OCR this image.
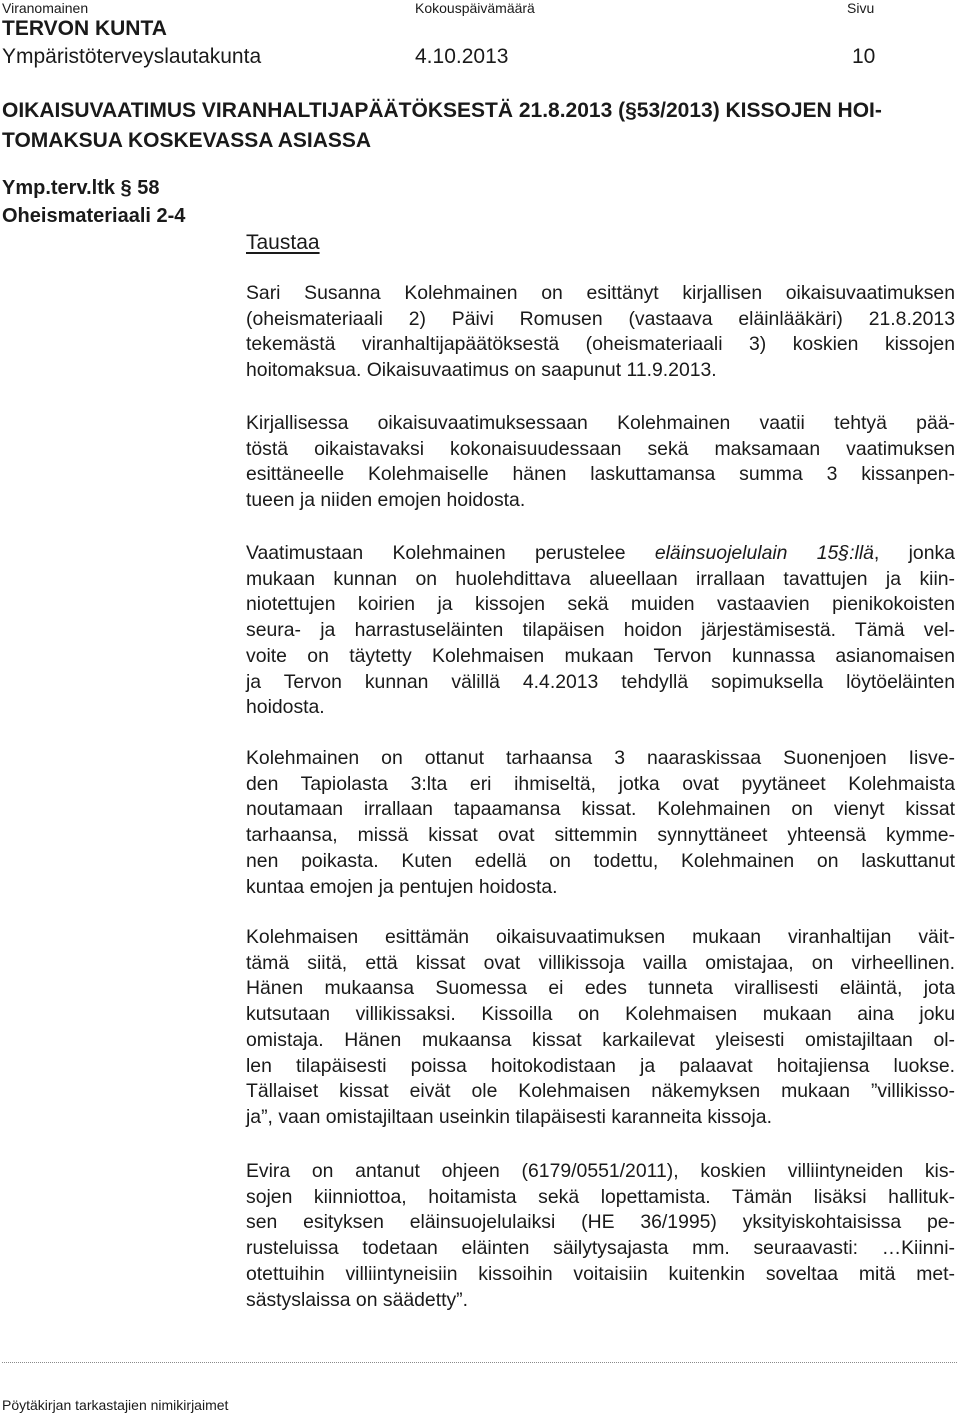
Viranomainen	Kokouspäivämäärä	Sivu
TERVON KUNTA
Ympäristöterveyslautakunta	4.10.2013	10
OIKAISUVAATIMUS VIRANHALTIJAPÄÄTÖKSESTÄ 21.8.2013 (§53/2013) KISSOJEN HOI-
TOMAKSUA KOSKEVASSA ASIASSA
Ymp.terv.ltk § 58
Oheismateriaali 2-4
Taustaa
Sari Susanna Kolehmainen on esittänyt kirjallisen oikaisuvaatimuksen
(oheismateriaali 2) Päivi Romusen (vastaava eläinlääkäri) 21.8.2013
tekemästä viranhaltijapäätöksestä (oheismateriaali 3) koskien kissojen
hoitomaksua. Oikaisuvaatimus on saapunut 11.9.2013.
Kirjallisessa oikaisuvaatimuksessaan Kolehmainen vaatii tehtyä pää-
töstä oikaistavaksi kokonaisuudessaan sekä maksamaan vaatimuksen
esittäneelle Kolehmaiselle hänen laskuttamansa summa 3 kissanpen-
tueen ja niiden emojen hoidosta.
Vaatimustaan Kolehmainen perustelee eläinsuojelulain 15§:llä, jonka
mukaan kunnan on huolehdittava alueellaan irrallaan tavattujen ja kiin-
niotettujen koirien ja kissojen sekä muiden vastaavien pienikokoisten
seura- ja harrastuseläinten tilapäisen hoidon järjestämisestä. Tämä vel-
voite on täytetty Kolehmaisen mukaan Tervon kunnassa asianomaisen
ja Tervon kunnan välillä 4.4.2013 tehdyllä sopimuksella löytöeläinten
hoidosta.
Kolehmainen on ottanut tarhaansa 3 naaraskissaa Suonenjoen Iisve-
den Tapiolasta 3:lta eri ihmiseltä, jotka ovat pyytäneet Kolehmaista
noutamaan irrallaan tapaamansa kissat. Kolehmainen on vienyt kissat
tarhaansa, missä kissat ovat sittemmin synnyttäneet yhteensä kymme-
nen poikasta. Kuten edellä on todettu, Kolehmainen on laskuttanut
kuntaa emojen ja pentujen hoidosta.
Kolehmaisen esittämän oikaisuvaatimuksen mukaan viranhaltijan väit-
tämä siitä, että kissat ovat villikissoja vailla omistajaa, on virheellinen.
Hänen mukaansa Suomessa ei edes tunneta virallisesti eläintä, jota
kutsutaan villikissaksi. Kissoilla on Kolehmaisen mukaan aina joku
omistaja. Hänen mukaansa kissat karkailevat yleisesti omistajiltaan ol-
len tilapäisesti poissa hoitokodistaan ja palaavat hoitajiensa luokse.
Tällaiset kissat eivät ole Kolehmaisen näkemyksen mukaan ”villikisso-
ja”, vaan omistajiltaan useinkin tilapäisesti karanneita kissoja.
Evira on antanut ohjeen (6179/0551/2011), koskien villiintyneiden kis-
sojen kiinniottoa, hoitamista sekä lopettamista. Tämän lisäksi hallituk-
sen esityksen eläinsuojelulaiksi (HE 36/1995) yksityiskohtaisissa pe-
rusteluissa todetaan eläinten säilytysajasta mm. seuraavasti: …Kiinni-
otettuihin villiintyneisiin kissoihin voitaisiin kuitenkin soveltaa mitä met-
sästyslaissa on säädetty”.
Pöytäkirjan tarkastajien nimikirjaimet
